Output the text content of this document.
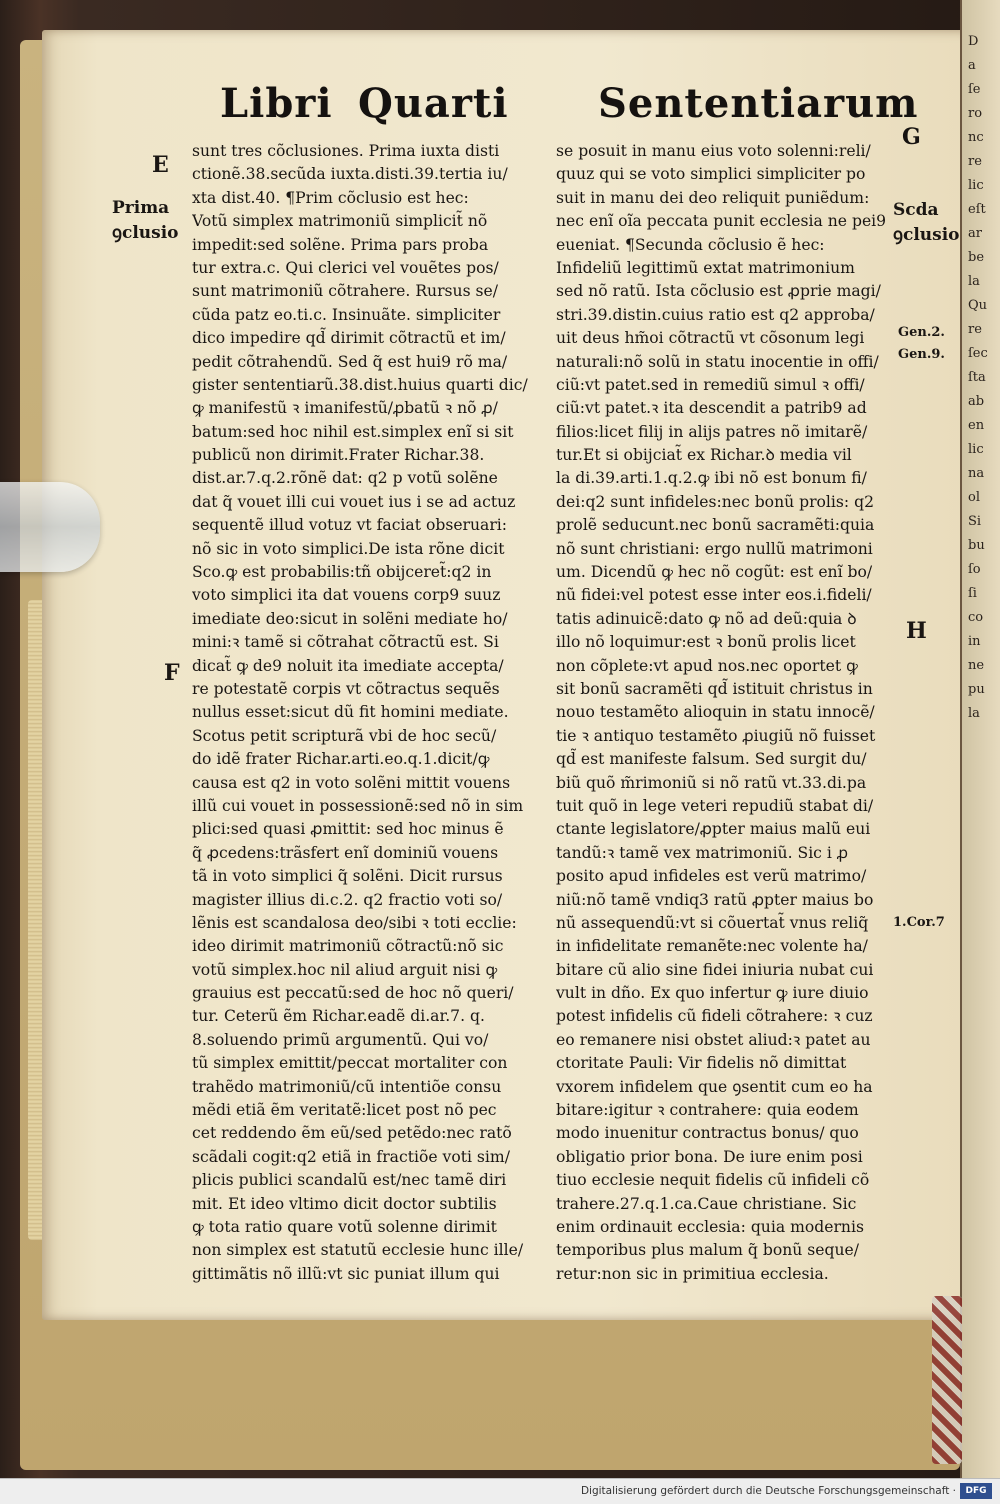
D
a
ſe
ro
nc
re
lic
eſt
ar
be
la
Qu
re
ſec
ſta
ab
en
lic
na
ol
Si
bu
ſo
ſi
co
in
ne
pu
la
Libri Quarti Sententiarum
G
sunt tres cõclusiones. Prima iuxta disti
ctionẽ.38.secũda iuxta.disti.39.tertia iu/
xta dist.40. ¶Prim cõclusio est hec:
Votũ simplex matrimoniũ simplicit̃ nõ
impedit:sed solẽne. Prima pars proba
tur extra.c. Qui clerici vel vouẽtes pos/
sunt matrimoniũ cõtrahere. Rursus se/
cũda patz eo.ti.c. Insinuãte. simpliciter
dico impedire qd̃ dirimit cõtractũ et im/
pedit cõtrahendũ. Sed q̃ est hui9 rõ ma/
gister sententiarũ.38.dist.huius quarti dic/
ꝙ manifestũ ꝛ imanifestũ/ꝓbatũ ꝛ nõ ꝓ/
batum:sed hoc nihil est.simplex enĩ si sit
publicũ non dirimit.Frater Richar.38.
dist.ar.7.q.2.rõnẽ dat: q2 p votũ solẽne
dat q̃ vouet illi cui vouet ius i se ad actuz
sequentẽ illud votuz vt faciat obseruari:
nõ sic in voto simplici.De ista rõne dicit
Sco.ꝙ est probabilis:tñ obijceret̃:q2 in
voto simplici ita dat vouens corp9 suuz
imediate deo:sicut in solẽni mediate ho/
mini:ꝛ tamẽ si cõtrahat cõtractũ est. Si
dicat̃ ꝙ de9 noluit ita imediate accepta/
re potestatẽ corpis vt cõtractus sequẽs
nullus esset:sicut dũ fit homini mediate.
Scotus petit scripturã vbi de hoc secũ/
do idẽ frater Richar.arti.eo.q.1.dicit/ꝙ
causa est q2 in voto solẽni mittit vouens
illũ cui vouet in possessionẽ:sed nõ in sim
plici:sed quasi ꝓmittit: sed hoc minus ẽ
q̃ ꝓcedens:trãsfert enĩ dominiũ vouens
tã in voto simplici q̃ solẽni. Dicit rursus
magister illius di.c.2. q2 fractio voti so/
lẽnis est scandalosa deo/sibi ꝛ toti ecclie:
ideo dirimit matrimoniũ cõtractũ:nõ sic
votũ simplex.hoc nil aliud arguit nisi ꝙ
grauius est peccatũ:sed de hoc nõ queri/
tur. Ceterũ ẽm Richar.eadẽ di.ar.7. q.
8.soluendo primũ argumentũ. Qui vo/
tũ simplex emittit/peccat mortaliter con
trahẽdo matrimoniũ/cũ intentiõe consu
mẽdi etiã ẽm veritatẽ:licet post nõ pec
cet reddendo ẽm eũ/sed petẽdo:nec ratõ
scãdali cogit:q2 etiã in fractiõe voti sim/
plicis publici scandalũ est/nec tamẽ diri
mit. Et ideo vltimo dicit doctor subtilis
ꝙ tota ratio quare votũ solenne dirimit
non simplex est statutũ ecclesie hunc ille/
gittimãtis nõ illũ:vt sic puniat illum qui
se posuit in manu eius voto solenni:reli/
quuz qui se voto simplici simpliciter po
suit in manu dei deo reliquit puniẽdum:
nec enĩ oĩa peccata punit ecclesia ne pei9
eueniat. ¶Secunda cõclusio ẽ hec:
Infideliũ legittimũ extat matrimonium
sed nõ ratũ. Ista cõclusio est ꝓprie magi/
stri.39.distin.cuius ratio est q2 approba/
uit deus hm̃oi cõtractũ vt cõsonum legi
naturali:nõ solũ in statu inocentie in offi/
ciũ:vt patet.sed in remediũ simul ꝛ offi/
ciũ:vt patet.ꝛ ita descendit a patrib9 ad
filios:licet filij in alijs patres nõ imitarẽ/
tur.Et si obijciat̃ ex Richar.ꝺ media vil
la di.39.arti.1.q.2.ꝙ ibi nõ est bonum fi/
dei:q2 sunt infideles:nec bonũ prolis: q2
prolẽ seducunt.nec bonũ sacramẽti:quia
nõ sunt christiani: ergo nullũ matrimoni
um. Dicendũ ꝙ hec nõ cogũt: est enĩ bo/
nũ fidei:vel potest esse inter eos.i.fideli/
tatis adinuicẽ:dato ꝙ nõ ad deũ:quia ꝺ
illo nõ loquimur:est ꝛ bonũ prolis licet
non cõplete:vt apud nos.nec oportet ꝙ
sit bonũ sacramẽti qd̃ istituit christus in
nouo testamẽto alioquin in statu innocẽ/
tie ꝛ antiquo testamẽto ꝓiugiũ nõ fuisset
qd̃ est manifeste falsum. Sed surgit du/
biũ quõ m̃rimoniũ si nõ ratũ vt.33.di.pa
tuit quõ in lege veteri repudiũ stabat di/
ctante legislatore/ꝓpter maius malũ eui
tandũ:ꝛ tamẽ vex matrimoniũ. Sic i ꝓ
posito apud infideles est verũ matrimo/
niũ:nõ tamẽ vndiq3 ratũ ꝓpter maius bo
nũ assequendũ:vt si cõuertat̃ vnus reliq̃
in infidelitate remanẽte:nec volente ha/
bitare cũ alio sine fidei iniuria nubat cui
vult in dño. Ex quo infertur ꝙ iure diuio
potest infidelis cũ fideli cõtrahere: ꝛ cuz
eo remanere nisi obstet aliud:ꝛ patet au
ctoritate Pauli: Vir fidelis nõ dimittat
vxorem infidelem que ꝯsentit cum eo ha
bitare:igitur ꝛ contrahere: quia eodem
modo inuenitur contractus bonus/ quo
obligatio prior bona. De iure enim posi
tiuo ecclesie nequit fidelis cũ infideli cõ
trahere.27.q.1.ca.Caue christiane. Sic
enim ordinauit ecclesia: quia modernis
temporibus plus malum q̃ bonũ seque/
retur:non sic in primitiua ecclesia.
E
Prima
ꝯclusio
F
Scda
ꝯclusio
Gen.2.
Gen.9.
H
1.Cor.7
Digitalisierung gefördert durch die Deutsche Forschungsgemeinschaft ·	DFG
